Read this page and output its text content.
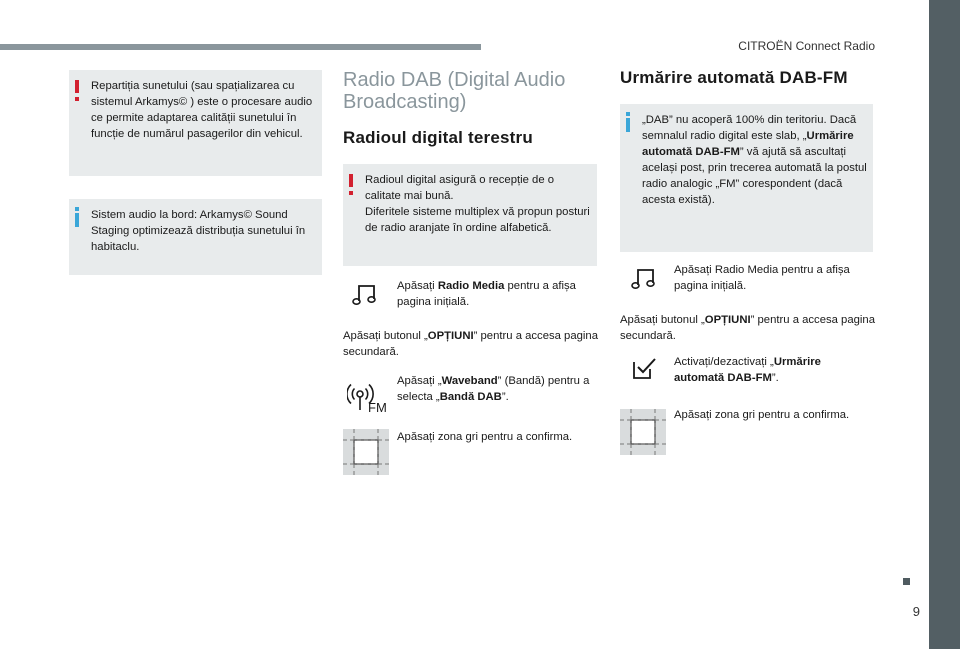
CITROËN Connect Radio
9
Repartiția sunetului (sau spațializarea cu sistemul Arkamys© ) este o procesare audio ce permite adaptarea calității sunetului în funcție de numărul pasagerilor din vehicul.
Sistem audio la bord: Arkamys© Sound Staging optimizează distribuția sunetului în habitaclu.
Radio DAB (Digital Audio Broadcasting)
Radioul digital terestru
Radioul digital asigură o recepție de o calitate mai bună.
Diferitele sisteme multiplex vă propun posturi de radio aranjate în ordine alfabetică.
Apăsați Radio Media pentru a afișa pagina inițială.
Apăsați butonul „OPȚIUNI” pentru a accesa pagina secundară.
FM
Apăsați „Waveband” (Bandă) pentru a selecta „Bandă DAB”.
Apăsați zona gri pentru a confirma.
Urmărire automată DAB-FM
„DAB” nu acoperă 100% din teritoriu. Dacă semnalul radio digital este slab, „Urmărire automată DAB-FM” vă ajută să ascultați același post, prin trecerea automată la postul radio analogic „FM” corespondent (dacă acesta există).
Apăsați Radio Media pentru a afișa pagina inițială.
Apăsați butonul „OPȚIUNI” pentru a accesa pagina secundară.
Activați/dezactivați „Urmărire automată DAB-FM”.
Apăsați zona gri pentru a confirma.
